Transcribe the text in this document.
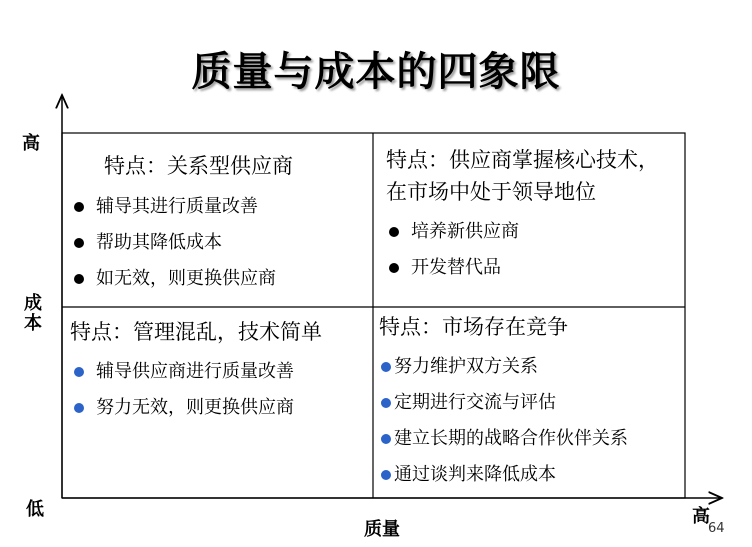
质量与成本的四象限
高
成
本
低
质量
高
特点：关系型供应商
辅导其进行质量改善
帮助其降低成本
如无效，则更换供应商
特点：供应商掌握核心技术，
在市场中处于领导地位
培养新供应商
开发替代品
特点：管理混乱，技术简单
辅导供应商进行质量改善
努力无效，则更换供应商
特点：市场存在竞争
努力维护双方关系
定期进行交流与评估
建立长期的战略合作伙伴关系
通过谈判来降低成本
64
